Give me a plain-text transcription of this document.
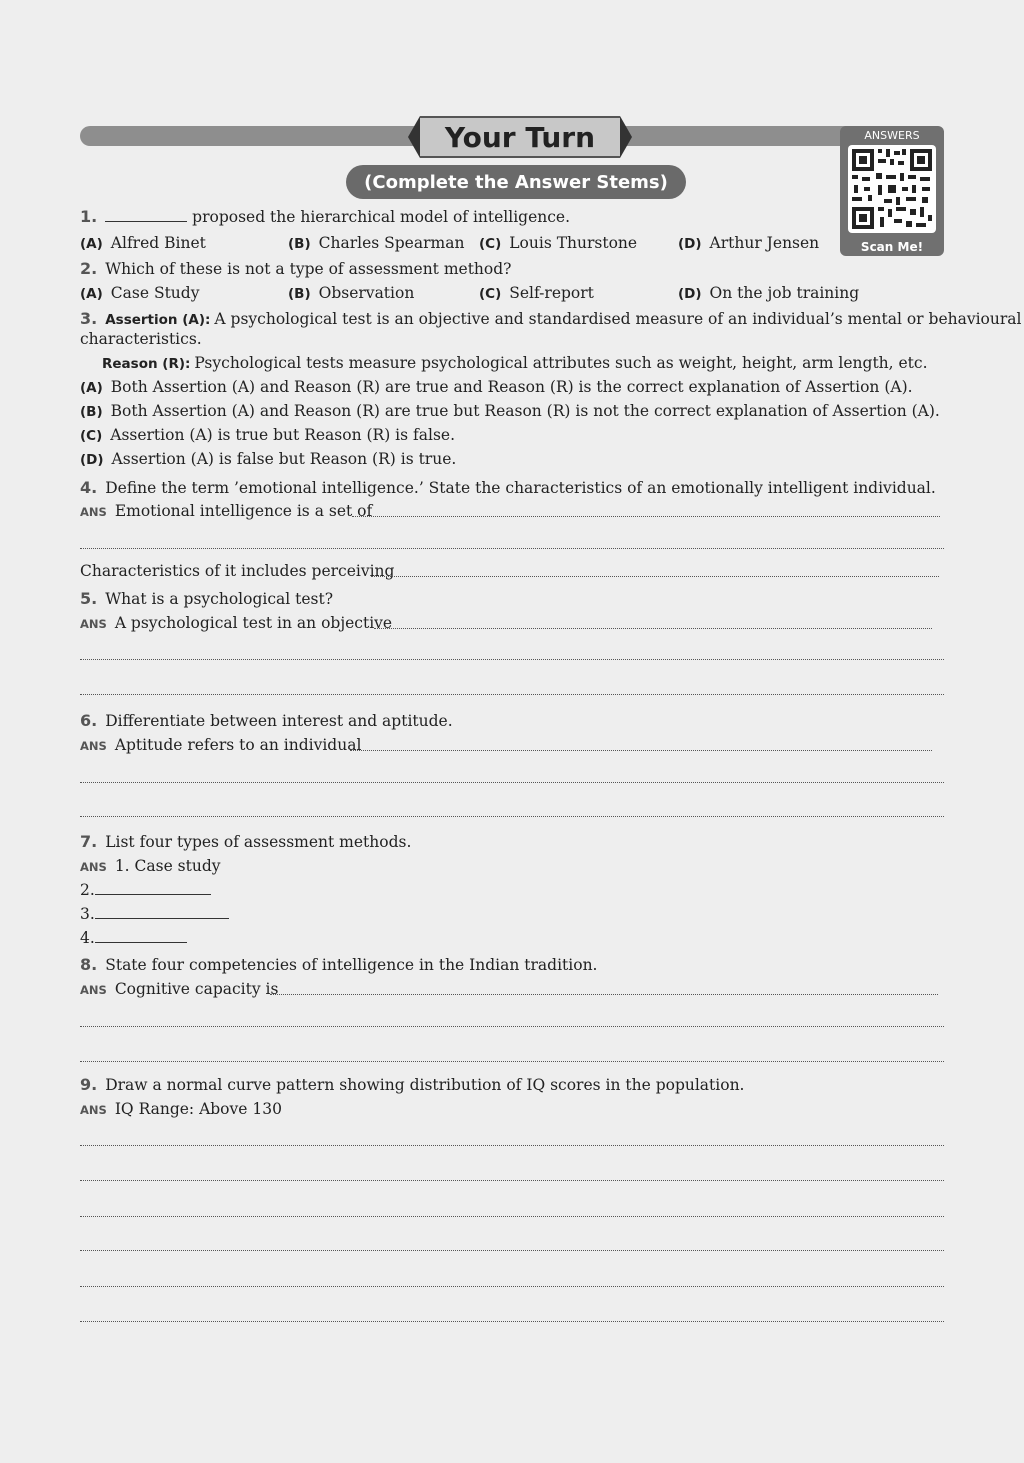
Your Turn
(Complete the Answer Stems)
ANSWERS
Scan Me!
1.	proposed the hierarchical model of intelligence.
(A) Alfred Binet	(B) Charles Spearman (C) Louis Thurstone	(D) Arthur Jensen
2. Which of these is not a type of assessment method?
(A) Case Study	(B) Observation	(C) Self-report	(D) On the job training
3. Assertion (A): A psychological test is an objective and standardised measure of an individual’s mental or behavioural
characteristics.
Reason (R): Psychological tests measure psychological attributes such as weight, height, arm length, etc.
(A) Both Assertion (A) and Reason (R) are true and Reason (R) is the correct explanation of Assertion (A).
(B) Both Assertion (A) and Reason (R) are true but Reason (R) is not the correct explanation of Assertion (A).
(C) Assertion (A) is true but Reason (R) is false.
(D) Assertion (A) is false but Reason (R) is true.
4. Define the term ’emotional intelligence.’ State the characteristics of an emotionally intelligent individual.
ANS Emotional intelligence is a set of
Characteristics of it includes perceiving
5. What is a psychological test?
ANS A psychological test in an objective
6. Differentiate between interest and aptitude.
ANS Aptitude refers to an individual
7. List four types of assessment methods.
ANS 1. Case study
2.
3.
4.
8. State four competencies of intelligence in the Indian tradition.
ANS Cognitive capacity is
9. Draw a normal curve pattern showing distribution of IQ scores in the population.
ANS IQ Range: Above 130
